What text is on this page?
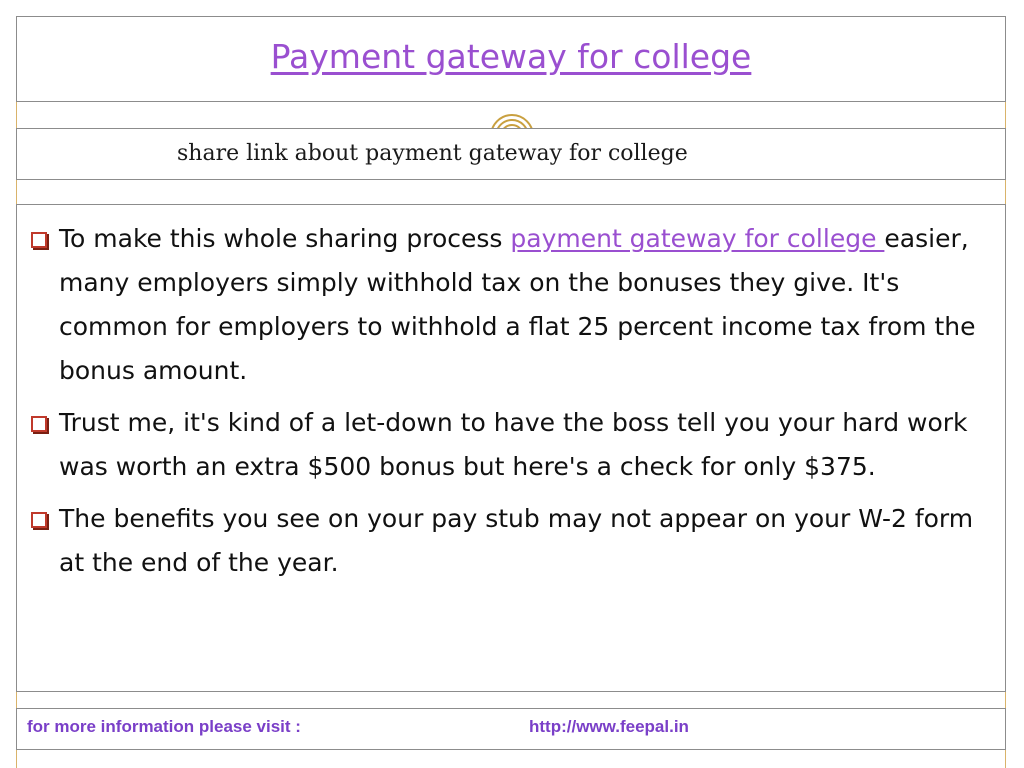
Payment gateway for college
share link about payment gateway for college
To make this whole sharing process payment gateway for college easier, many employers simply withhold tax on the bonuses they give. It's common for employers to withhold a flat 25 percent income tax from the bonus amount.
Trust me, it's kind of a let-down to have the boss tell you your hard work was worth an extra $500 bonus but here's a check for only $375.
The benefits you see on your pay stub may not appear on your W-2 form at the end of the year.
for more information please visit :	http://www.feepal.in
